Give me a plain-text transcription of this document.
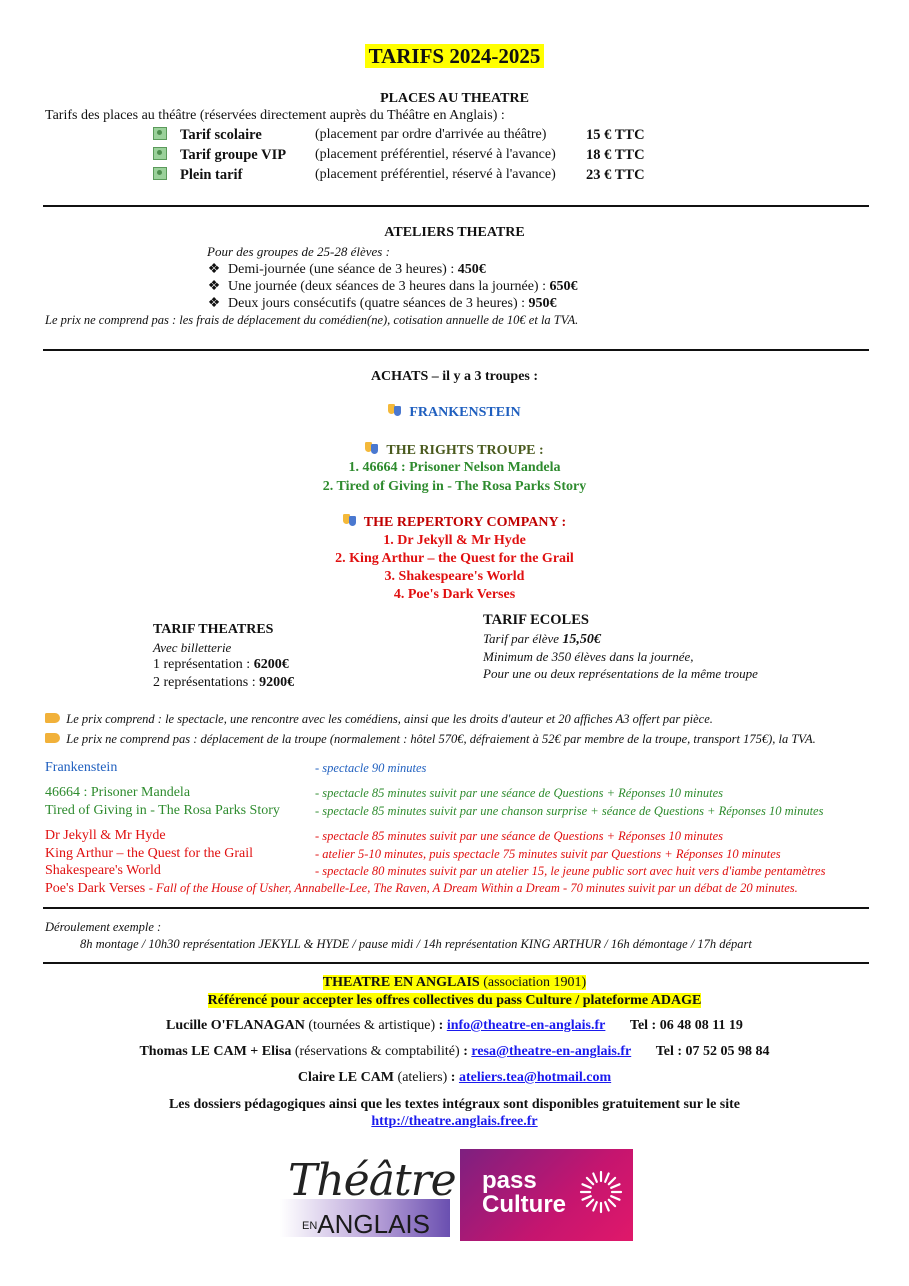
TARIFS 2024-2025
PLACES AU THEATRE
Tarifs des places au théâtre (réservées directement auprès du Théâtre en Anglais) :
Tarif scolaire	(placement par ordre d'arrivée au théâtre)	15 € TTC
Tarif groupe VIP (placement préférentiel, réservé à l'avance) 18 € TTC
Plein tarif	(placement préférentiel, réservé à l'avance) 23 € TTC
ATELIERS THEATRE
Pour des groupes de 25-28 élèves :
❖ Demi-journée (une séance de 3 heures) : 450€
❖ Une journée (deux séances de 3 heures dans la journée) : 650€
❖ Deux jours consécutifs (quatre séances de 3 heures) : 950€
Le prix ne comprend pas : les frais de déplacement du comédien(ne), cotisation annuelle de 10€ et la TVA.
ACHATS – il y a 3 troupes :
FRANKENSTEIN
THE RIGHTS TROUPE :
1. 46664 : Prisoner Nelson Mandela
2. Tired of Giving in - The Rosa Parks Story
THE REPERTORY COMPANY :
1. Dr Jekyll & Mr Hyde
2. King Arthur – the Quest for the Grail
3. Shakespeare's World
4. Poe's Dark Verses
TARIF THEATRES
Avec billetterie
1 représentation : 6200€
2 représentations : 9200€
TARIF ECOLES
Tarif par élève 15,50€
Minimum de 350 élèves dans la journée,
Pour une ou deux représentations de la même troupe
Le prix comprend : le spectacle, une rencontre avec les comédiens, ainsi que les droits d'auteur et 20 affiches A3 offert par pièce.
Le prix ne comprend pas : déplacement de la troupe (normalement : hôtel 570€, défraiement à 52€ par membre de la troupe, transport 175€), la TVA.
Frankenstein	- spectacle 90 minutes
46664 : Prisoner Mandela	- spectacle 85 minutes suivit par une séance de Questions + Réponses 10 minutes
Tired of Giving in - The Rosa Parks Story	- spectacle 85 minutes suivit par une chanson surprise + séance de Questions + Réponses 10 minutes
Dr Jekyll & Mr Hyde	- spectacle 85 minutes suivit par une séance de Questions + Réponses 10 minutes
King Arthur – the Quest for the Grail	- atelier 5-10 minutes, puis spectacle 75 minutes suivit par Questions + Réponses 10 minutes
Shakespeare's World	- spectacle 80 minutes suivit par un atelier 15, le jeune public sort avec huit vers d'iambe pentamètres
Poe's Dark Verses - Fall of the House of Usher, Annabelle-Lee, The Raven, A Dream Within a Dream - 70 minutes suivit par un débat de 20 minutes.
Déroulement exemple :
8h montage / 10h30 représentation JEKYLL & HYDE / pause midi / 14h représentation KING ARTHUR / 16h démontage / 17h départ
THEATRE EN ANGLAIS (association 1901)
Référencé pour accepter les offres collectives du pass Culture / plateforme ADAGE
Lucille O'FLANAGAN (tournées & artistique) : info@theatre-en-anglais.fr Tel : 06 48 08 11 19
Thomas LE CAM + Elisa (réservations & comptabilité) : resa@theatre-en-anglais.fr Tel : 07 52 05 98 84
Claire LE CAM (ateliers) : ateliers.tea@hotmail.com
Les dossiers pédagogiques ainsi que les textes intégraux sont disponibles gratuitement sur le site
http://theatre.anglais.free.fr
Théâtre
ENANGLAIS
pass
Culture
